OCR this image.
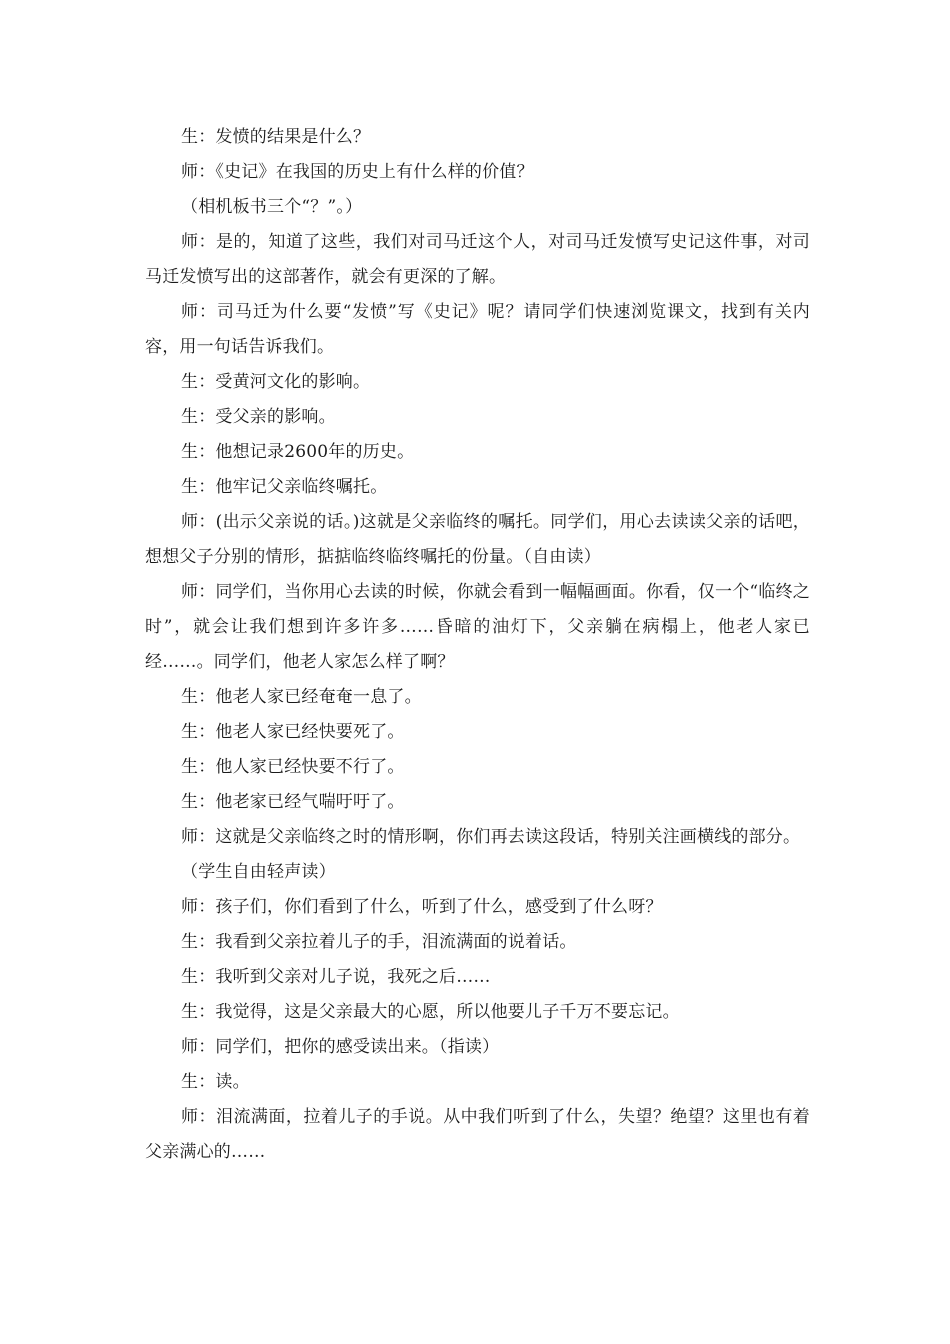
生：发愤的结果是什么？

师：《史记》在我国的历史上有什么样的价值？

（相机板书三个“？”。）

师：是的，知道了这些，我们对司马迁这个人，对司马迁发愤写史记这件事，对司马迁发愤写出的这部著作，就会有更深的了解。

师：司马迁为什么要“发愤”写《史记》呢？请同学们快速浏览课文，找到有关内容，用一句话告诉我们。

生：受黄河文化的影响。

生：受父亲的影响。

生：他想记录2600年的历史。

生：他牢记父亲临终嘱托。

师：(出示父亲说的话。)这就是父亲临终的嘱托。同学们，用心去读读父亲的话吧，想想父子分别的情形，掂掂临终临终嘱托的份量。（自由读）

师：同学们，当你用心去读的时候，你就会看到一幅幅画面。你看，仅一个“临终之时”，就会让我们想到许多许多……昏暗的油灯下，父亲躺在病榻上，他老人家已经……。同学们，他老人家怎么样了啊？

生：他老人家已经奄奄一息了。

生：他老人家已经快要死了。

生：他人家已经快要不行了。

生：他老家已经气喘吁吁了。

师：这就是父亲临终之时的情形啊，你们再去读这段话，特别关注画横线的部分。

（学生自由轻声读）

师：孩子们，你们看到了什么，听到了什么，感受到了什么呀？

生：我看到父亲拉着儿子的手，泪流满面的说着话。

生：我听到父亲对儿子说，我死之后……

生：我觉得，这是父亲最大的心愿，所以他要儿子千万不要忘记。

师：同学们，把你的感受读出来。（指读）

生：读。

师：泪流满面，拉着儿子的手说。从中我们听到了什么，失望？绝望？这里也有着父亲满心的……
